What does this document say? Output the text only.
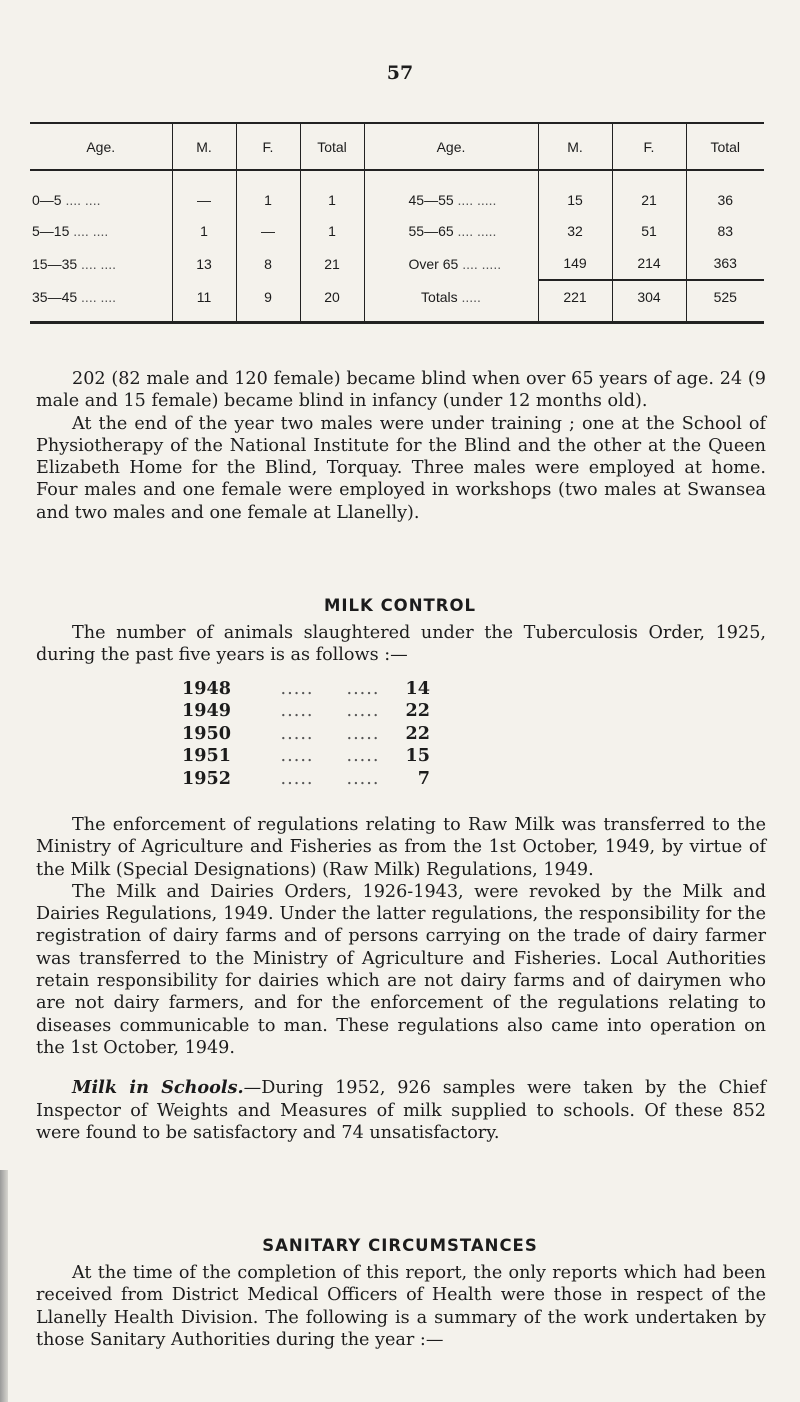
57
Age.	M.	F.	Total	Age.	M.	F.	Total
0—5 ....	—	1	1	45—55 ....	15	21	36
5—15 ....	1	—	1	55—65 ....	32	51	83
15—35 ....	13	8	21	Over 65 ....	149	214	363
35—45 ....	11	9	20	Totals .....	221	304	525

202 (82 male and 120 female) became blind when over 65 years of age. 24 (9 male and 15 female) became blind in infancy (under 12 months old).

At the end of the year two males were under training ; one at the School of Physiotherapy of the National Institute for the Blind and the other at the Queen Elizabeth Home for the Blind, Torquay. Three males were employed at home. Four males and one female were employed in workshops (two males at Swansea and two males and one female at Llanelly).

MILK CONTROL

The number of animals slaughtered under the Tuberculosis Order, 1925, during the past five years is as follows :—

1948	.....     .....	14
1949	.....     .....	22
1950	.....     .....	22
1951	.....     .....	15
1952	.....     .....	7

The enforcement of regulations relating to Raw Milk was transferred to the Ministry of Agriculture and Fisheries as from the 1st October, 1949, by virtue of the Milk (Special Designations) (Raw Milk) Regulations, 1949.

The Milk and Dairies Orders, 1926-1943, were revoked by the Milk and Dairies Regulations, 1949. Under the latter regulations, the responsibility for the registration of dairy farms and of persons carrying on the trade of dairy farmer was transferred to the Ministry of Agriculture and Fisheries. Local Authorities retain responsibility for dairies which are not dairy farms and of dairymen who are not dairy farmers, and for the enforcement of the regulations relating to diseases communicable to man. These regulations also came into operation on the 1st October, 1949.

Milk in Schools.—During 1952, 926 samples were taken by the Chief Inspector of Weights and Measures of milk supplied to schools. Of these 852 were found to be satisfactory and 74 unsatisfactory.

SANITARY CIRCUMSTANCES

At the time of the completion of this report, the only reports which had been received from District Medical Officers of Health were those in respect of the Llanelly Health Division. The following is a summary of the work undertaken by those Sanitary Authorities during the year :—
